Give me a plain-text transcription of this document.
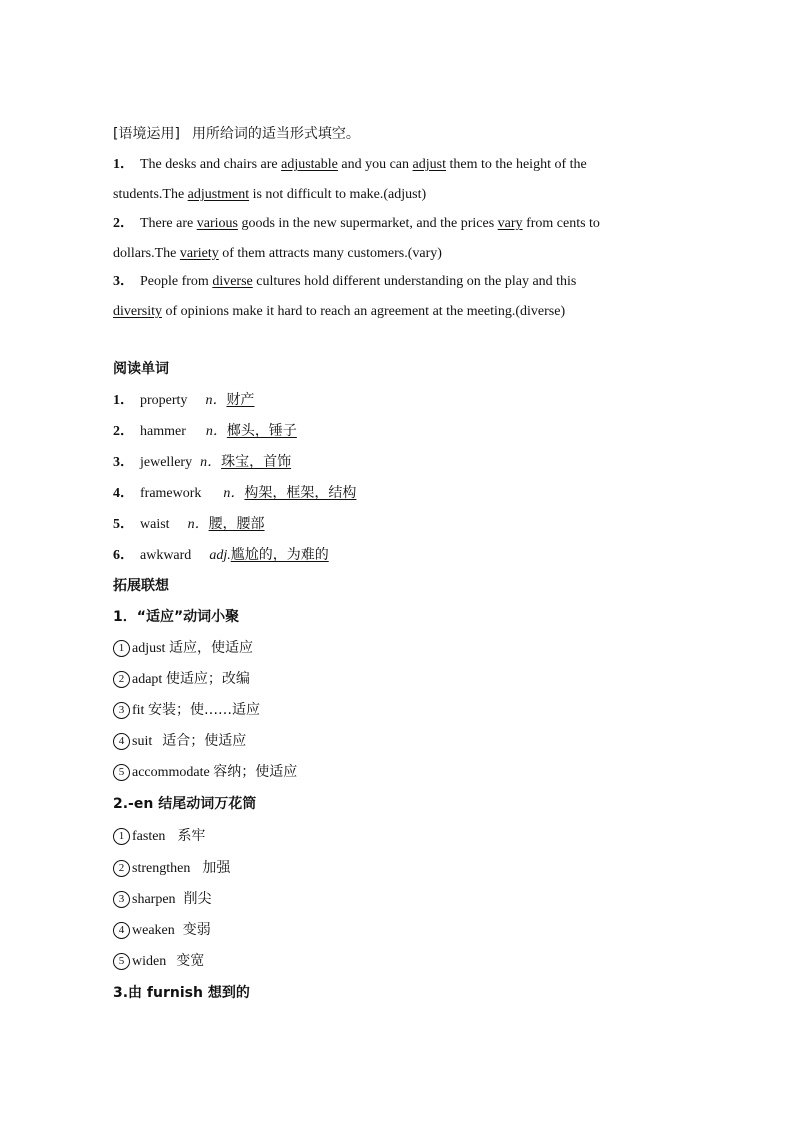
[语境运用] 用所给词的适当形式填空。
1． The desks and chairs are adjustable and you can adjust them to the height of the
students.The adjustment is not difficult to make.(adjust)
2． There are various goods in the new supermarket, and the prices vary from cents to
dollars.The variety of them attracts many customers.(vary)
3． People from diverse cultures hold different understanding on the play and this
diversity of opinions make it hard to reach an agreement at the meeting.(diverse)
阅读单词
1． property n．财产
2． hammer n．榔头，锤子
3． jewellery n．珠宝，首饰
4． framework n．构架，框架，结构
5． waist n．腰，腰部
6． awkward adj.尴尬的，为难的
拓展联想
1．“适应”动词小聚
1 adjust 适应，使适应
2 adapt 使适应；改编
3 fit 安装；使……适应
4 suit 适合；使适应
5 accommodate 容纳；使适应
2.-en 结尾动词万花筒
1 fasten 系牢
2 strengthen 加强
3 sharpen 削尖
4 weaken 变弱
5 widen 变宽
3.由 furnish 想到的
